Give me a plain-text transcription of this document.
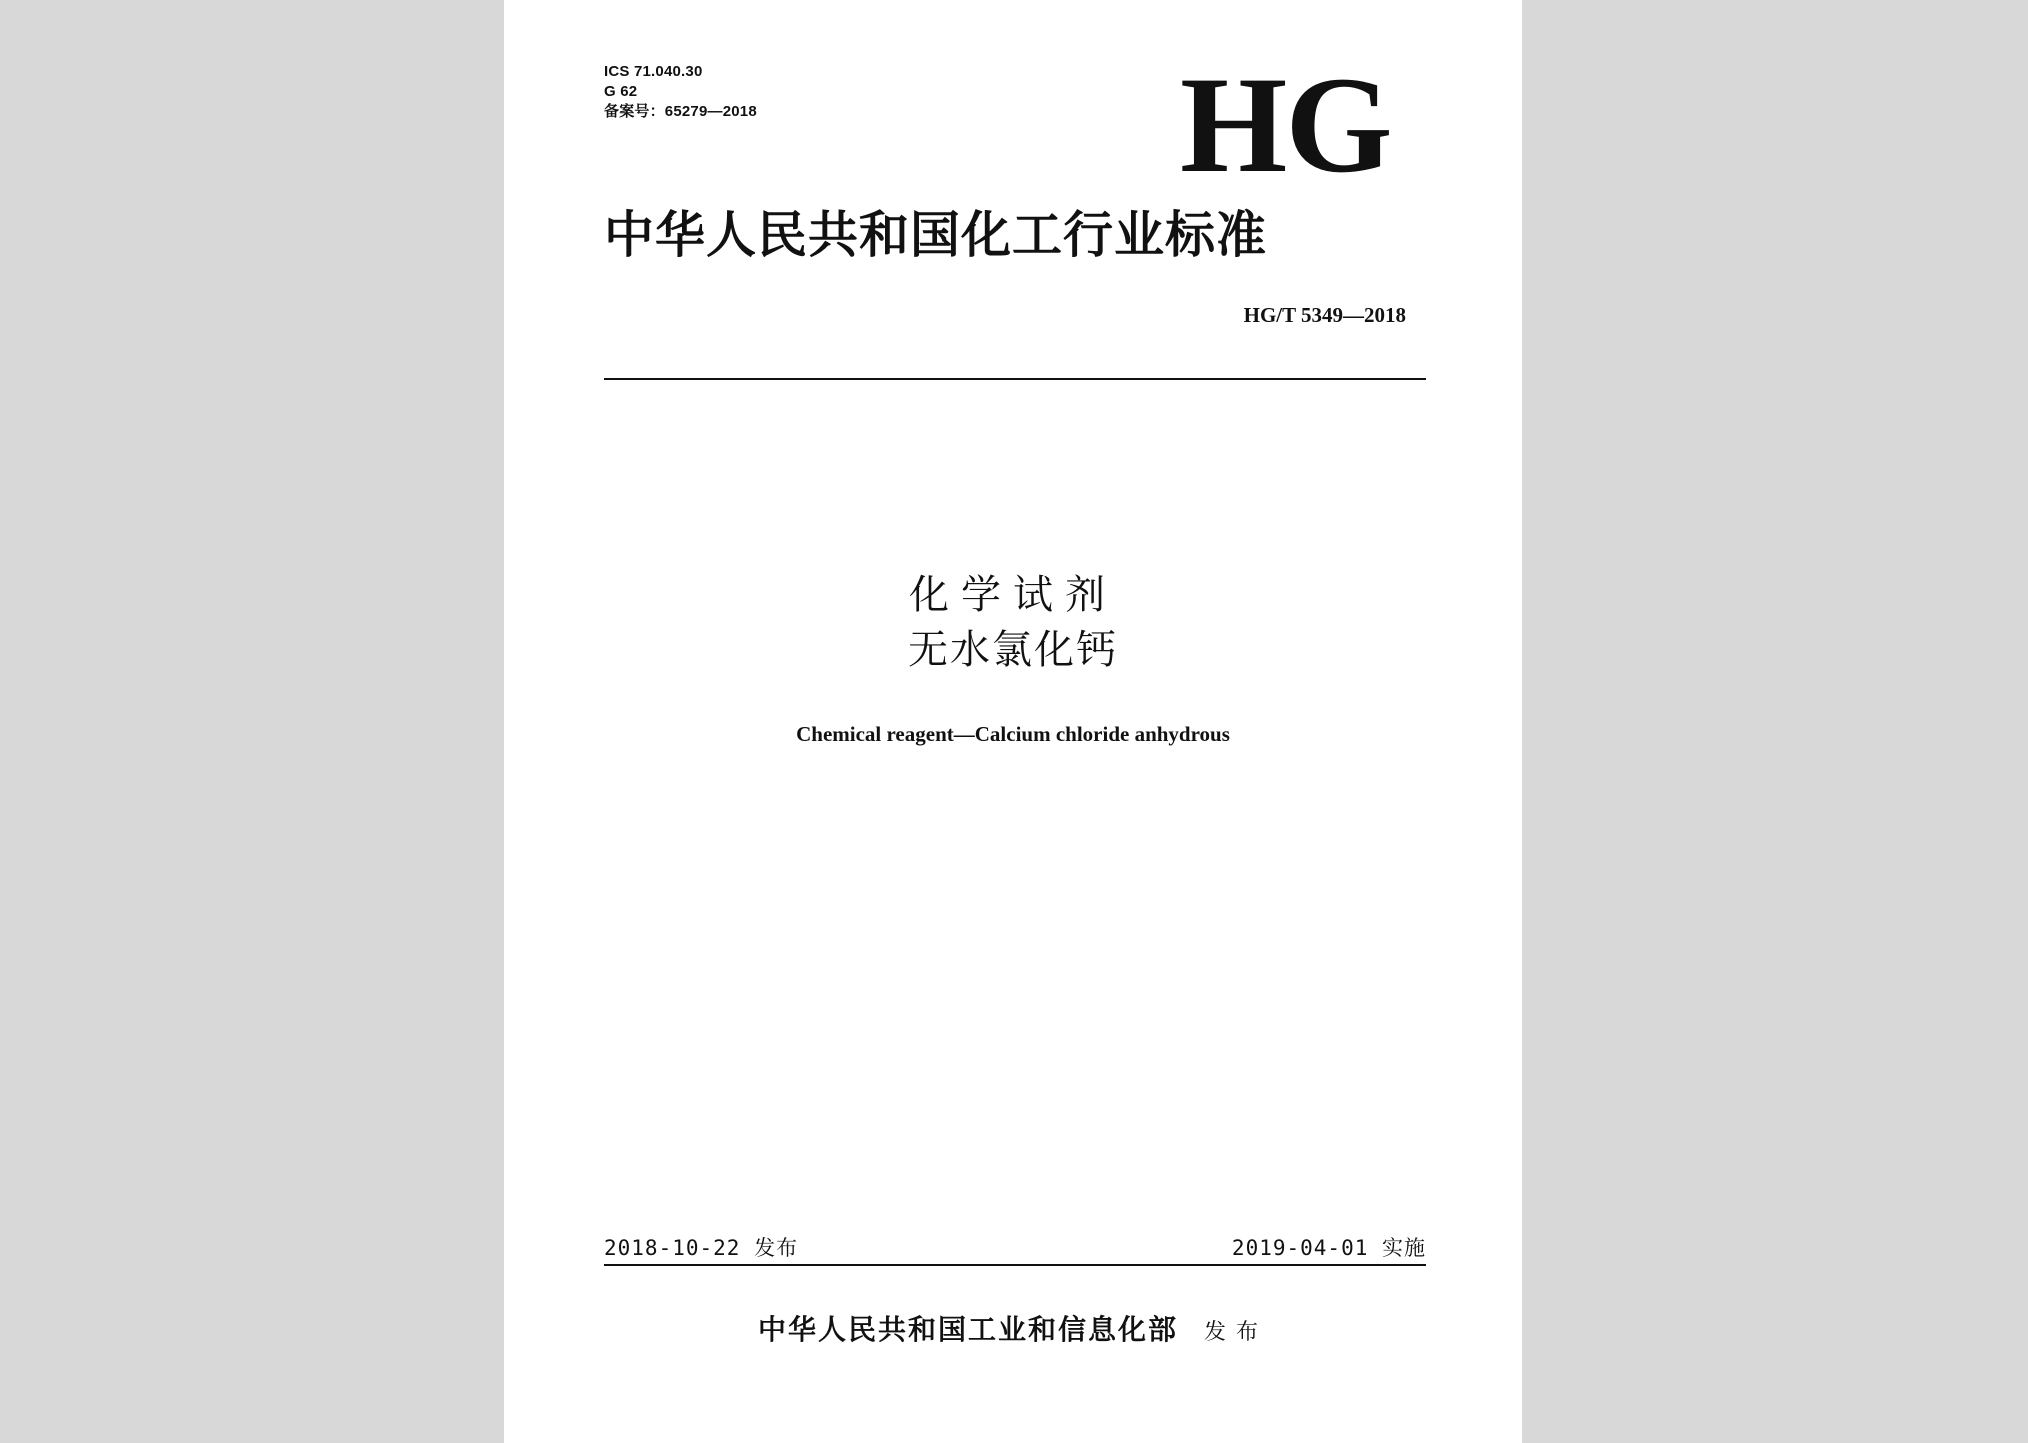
ICS 71.040.30
G 62
备案号：65279—2018	HG
中华人民共和国化工行业标准
HG/T 5349—2018
化学试剂
无水氯化钙
Chemical reagent—Calcium chloride anhydrous
2018-10-22 发布	2019-04-01 实施
中华人民共和国工业和信息化部 发布
